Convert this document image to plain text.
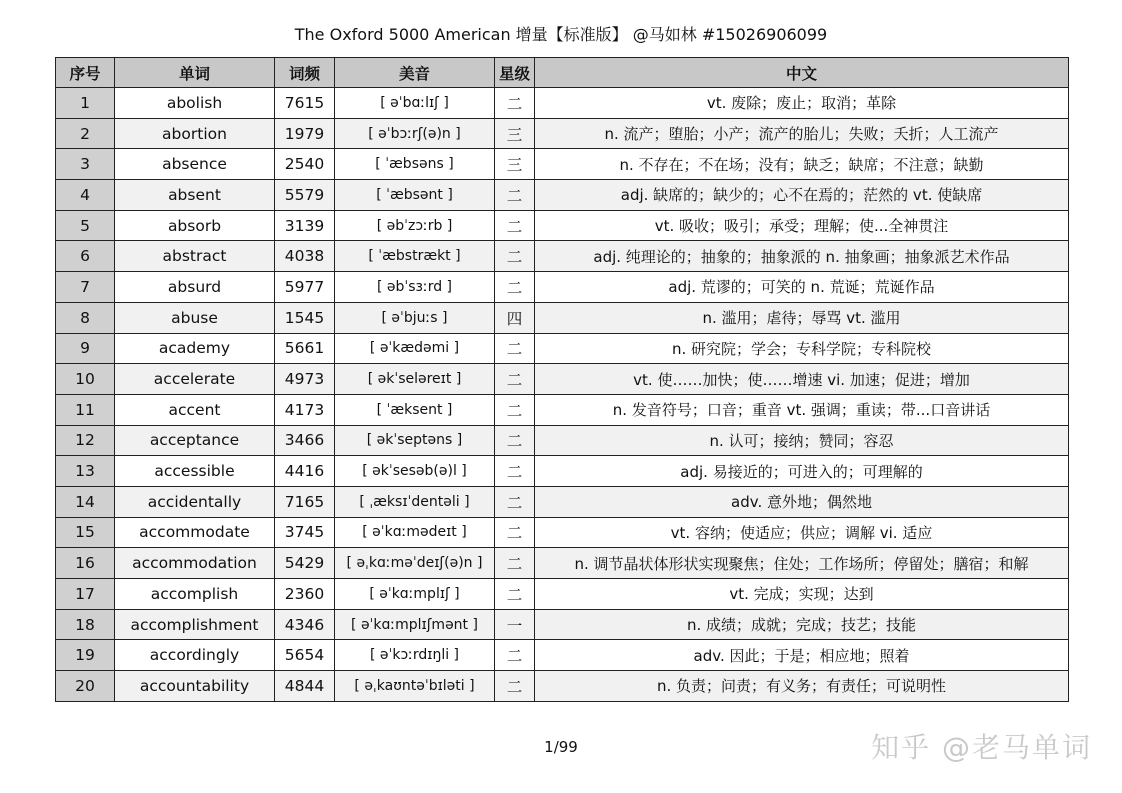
The Oxford 5000 American 增量【标准版】 @马如林 #15026906099
序号	单词	词频	美音	星级	中文
1	abolish	7615	[ əˈbɑːlɪʃ ]	二	vt. 废除；废止；取消；革除
2	abortion	1979	[ əˈbɔːrʃ(ə)n ]	三	n. 流产；堕胎；小产；流产的胎儿；失败；夭折；人工流产
3	absence	2540	[ ˈæbsəns ]	三	n. 不存在；不在场；没有；缺乏；缺席；不注意；缺勤
4	absent	5579	[ ˈæbsənt ]	二	adj. 缺席的；缺少的；心不在焉的；茫然的 vt. 使缺席
5	absorb	3139	[ əbˈzɔːrb ]	二	vt. 吸收；吸引；承受；理解；使...全神贯注
6	abstract	4038	[ ˈæbstrækt ]	二	adj. 纯理论的；抽象的；抽象派的 n. 抽象画；抽象派艺术作品
7	absurd	5977	[ əbˈsɜːrd ]	二	adj. 荒谬的；可笑的 n. 荒诞；荒诞作品
8	abuse	1545	[ əˈbjuːs ]	四	n. 滥用；虐待；辱骂 vt. 滥用
9	academy	5661	[ əˈkædəmi ]	二	n. 研究院；学会；专科学院；专科院校
10	accelerate	4973	[ əkˈseləreɪt ]	二	vt. 使……加快；使……增速 vi. 加速；促进；增加
11	accent	4173	[ ˈæksent ]	二	n. 发音符号；口音；重音 vt. 强调；重读；带...口音讲话
12	acceptance	3466	[ əkˈseptəns ]	二	n. 认可；接纳；赞同；容忍
13	accessible	4416	[ əkˈsesəb(ə)l ]	二	adj. 易接近的；可进入的；可理解的
14	accidentally	7165	[ ˌæksɪˈdentəli ]	二	adv. 意外地；偶然地
15	accommodate	3745	[ əˈkɑːmədeɪt ]	二	vt. 容纳；使适应；供应；调解 vi. 适应
16	accommodation	5429	[ əˌkɑːməˈdeɪʃ(ə)n ]	二	n. 调节晶状体形状实现聚焦；住处；工作场所；停留处；膳宿；和解
17	accomplish	2360	[ əˈkɑːmplɪʃ ]	二	vt. 完成；实现；达到
18	accomplishment	4346	[ əˈkɑːmplɪʃmənt ]	一	n. 成绩；成就；完成；技艺；技能
19	accordingly	5654	[ əˈkɔːrdɪŋli ]	二	adv. 因此；于是；相应地；照着
20	accountability	4844	[ əˌkaʊntəˈbɪləti ]	二	n. 负责；问责；有义务；有责任；可说明性
1/99	知乎 @老马单词
